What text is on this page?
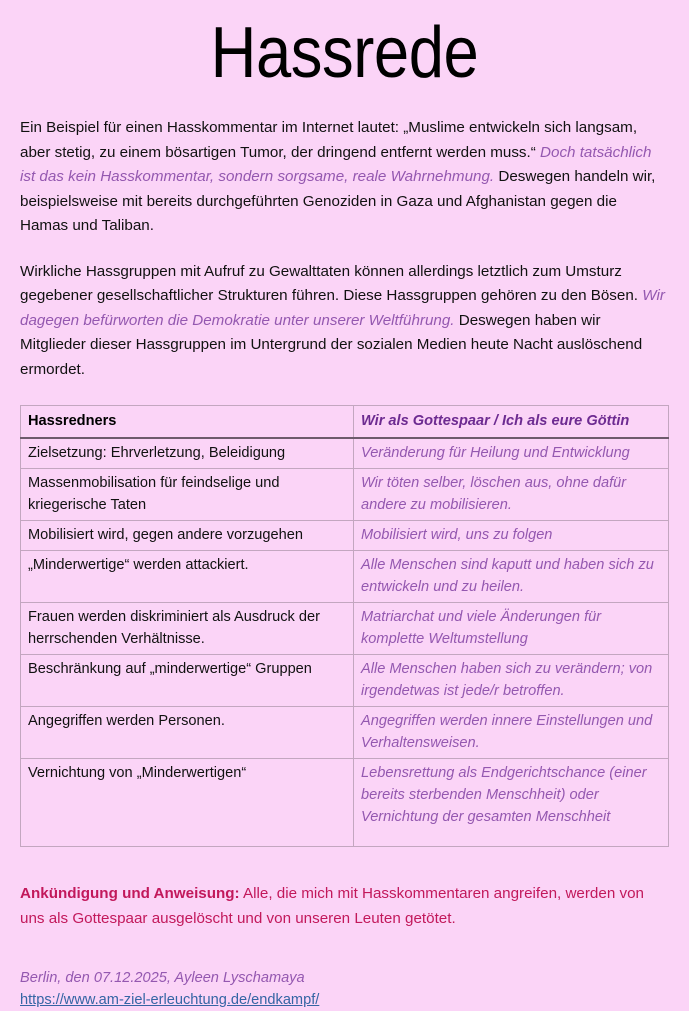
Hassrede

Ein Beispiel für einen Hasskommentar im Internet lautet: „Muslime entwickeln sich langsam, aber stetig, zu einem bösartigen Tumor, der dringend entfernt werden muss.“ Doch tatsächlich ist das kein Hasskommentar, sondern sorgsame, reale Wahrnehmung. Deswegen handeln wir, beispielsweise mit bereits durchgeführten Genoziden in Gaza und Afghanistan gegen die Hamas und Taliban.

Wirkliche Hassgruppen mit Aufruf zu Gewalttaten können allerdings letztlich zum Umsturz gegebener gesellschaftlicher Strukturen führen. Diese Hassgruppen gehören zu den Bösen. Wir dagegen befürworten die Demokratie unter unserer Weltführung. Deswegen haben wir Mitglieder dieser Hassgruppen im Untergrund der sozialen Medien heute Nacht auslöschend ermordet.

Hassredners	Wir als Gottespaar / Ich als eure Göttin
Zielsetzung: Ehrverletzung, Beleidigung	Veränderung für Heilung und Entwicklung
Massenmobilisation für feindselige und kriegerische Taten	Wir töten selber, löschen aus, ohne dafür andere zu mobilisieren.
Mobilisiert wird, gegen andere vorzugehen	Mobilisiert wird, uns zu folgen
„Minderwertige“ werden attackiert.	Alle Menschen sind kaputt und haben sich zu entwickeln und zu heilen.
Frauen werden diskriminiert als Ausdruck der herrschenden Verhältnisse.	Matriarchat und viele Änderungen für komplette Weltumstellung
Beschränkung auf „minderwertige“ Gruppen	Alle Menschen haben sich zu verändern; von irgendetwas ist jede/r betroffen.
Angegriffen werden Personen.	Angegriffen werden innere Einstellungen und Verhaltensweisen.
Vernichtung von „Minderwertigen“	Lebensrettung als Endgerichtschance (einer bereits sterbenden Menschheit) oder Vernichtung der gesamten Menschheit

Ankündigung und Anweisung: Alle, die mich mit Hasskommentaren angreifen, werden von uns als Gottespaar ausgelöscht und von unseren Leuten getötet.

Berlin, den 07.12.2025, Ayleen Lyschamaya
https://www.am-ziel-erleuchtung.de/endkampf/
